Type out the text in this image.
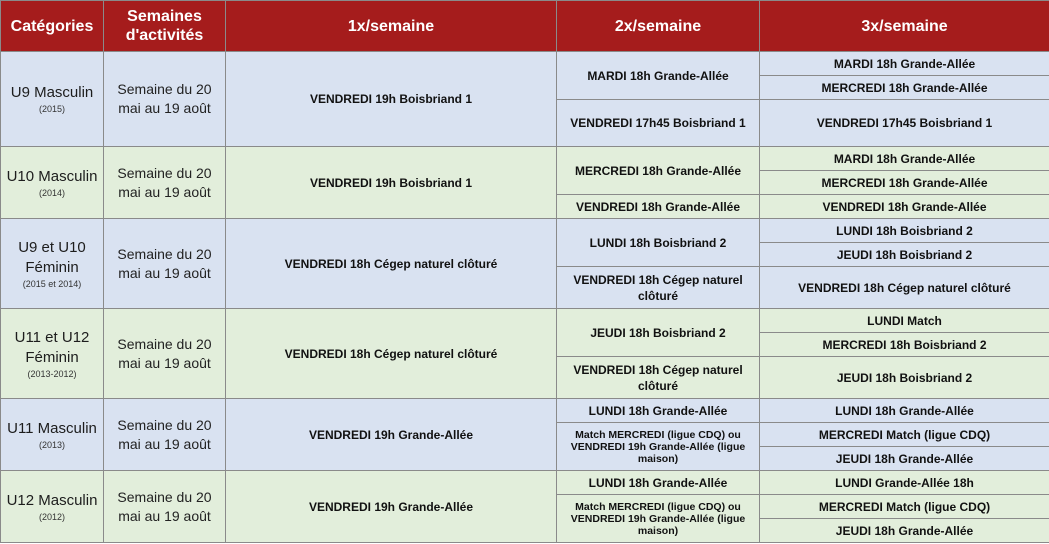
Catégories	Semaines d'activités	1x/semaine	2x/semaine	3x/semaine
U9 Masculin
(2015)	Semaine du 20 mai au 19 août	VENDREDI 19h Boisbriand 1	MARDI 18h Grande-Allée	MARDI 18h Grande-Allée
				MERCREDI 18h Grande-Allée
			VENDREDI 17h45 Boisbriand 1	VENDREDI 17h45 Boisbriand 1
U10 Masculin
(2014)	Semaine du 20 mai au 19 août	VENDREDI 19h Boisbriand 1	MERCREDI 18h Grande-Allée	MARDI 18h Grande-Allée
				MERCREDI 18h Grande-Allée
			VENDREDI 18h Grande-Allée	VENDREDI 18h Grande-Allée
U9 et U10 Féminin
(2015 et 2014)	Semaine du 20 mai au 19 août	VENDREDI 18h Cégep naturel clôturé	LUNDI 18h Boisbriand 2	LUNDI 18h Boisbriand 2
				JEUDI 18h Boisbriand 2
			VENDREDI 18h Cégep naturel clôturé	VENDREDI 18h Cégep naturel clôturé
U11 et U12 Féminin
(2013-2012)	Semaine du 20 mai au 19 août	VENDREDI 18h Cégep naturel clôturé	JEUDI 18h Boisbriand 2	LUNDI Match
				MERCREDI 18h Boisbriand 2
			VENDREDI 18h Cégep naturel clôturé	JEUDI 18h Boisbriand 2
U11 Masculin
(2013)	Semaine du 20 mai au 19 août	VENDREDI 19h Grande-Allée	LUNDI 18h Grande-Allée	LUNDI 18h Grande-Allée
			Match MERCREDI (ligue CDQ) ou VENDREDI 19h Grande-Allée (ligue maison)	MERCREDI Match (ligue CDQ)
				JEUDI 18h Grande-Allée
U12 Masculin
(2012)	Semaine du 20 mai au 19 août	VENDREDI 19h Grande-Allée	LUNDI 18h Grande-Allée	LUNDI Grande-Allée 18h
			Match MERCREDI (ligue CDQ) ou VENDREDI 19h Grande-Allée (ligue maison)	MERCREDI Match (ligue CDQ)
				JEUDI 18h Grande-Allée
